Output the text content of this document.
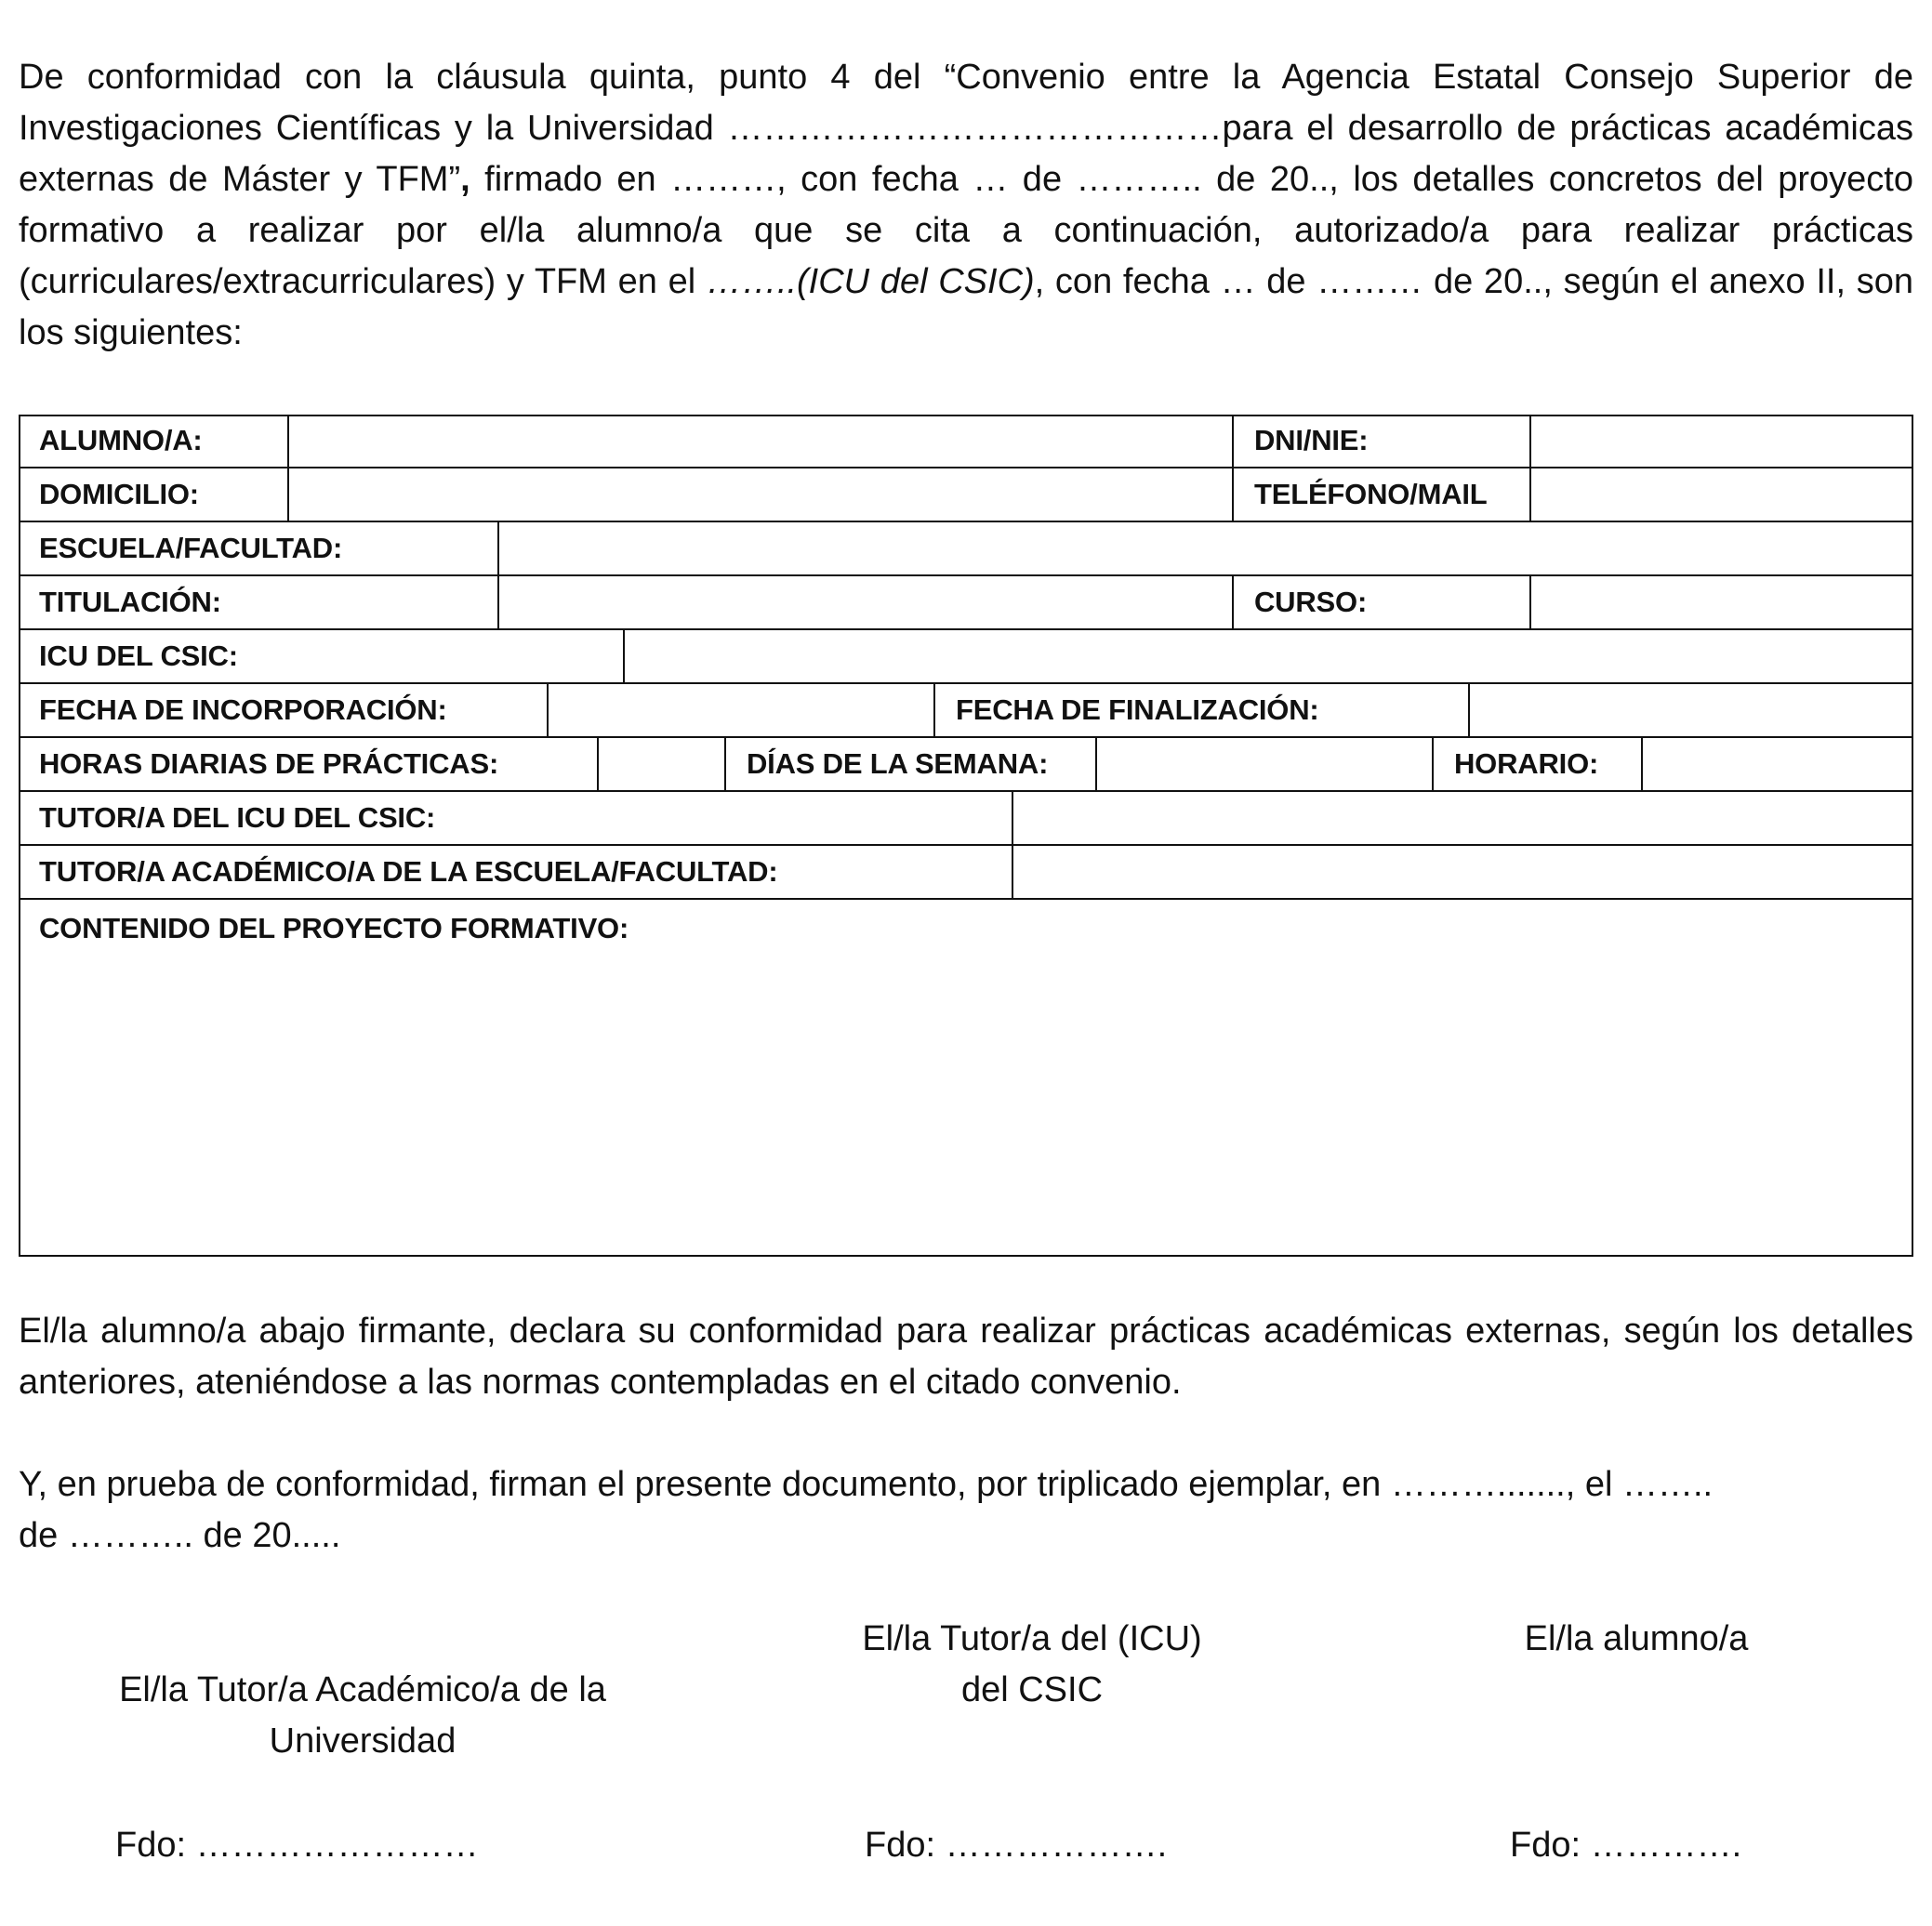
De conformidad con la cláusula quinta, punto 4 del “Convenio entre la Agencia Estatal Consejo Superior de Investigaciones Científicas y la Universidad ……………………………………para el desarrollo de prácticas académicas externas de Máster y TFM”, firmado en ………, con fecha … de ……….. de 20.., los detalles concretos del proyecto formativo a realizar por el/la alumno/a que se cita a continuación, autorizado/a para realizar prácticas (curriculares/extracurriculares) y TFM en el ……..(ICU del CSIC), con fecha … de ……… de 20.., según el anexo II, son los siguientes:

ALUMNO/A:	DNI/NIE:
DOMICILIO:	TELÉFONO/MAIL
ESCUELA/FACULTAD:
TITULACIÓN:	CURSO:
ICU DEL CSIC:
FECHA DE INCORPORACIÓN:	FECHA DE FINALIZACIÓN:
HORAS DIARIAS DE PRÁCTICAS:	DÍAS DE LA SEMANA:	HORARIO:
TUTOR/A DEL ICU DEL CSIC:
TUTOR/A ACADÉMICO/A DE LA ESCUELA/FACULTAD:
CONTENIDO DEL PROYECTO FORMATIVO:

El/la alumno/a abajo firmante, declara su conformidad para realizar prácticas académicas externas, según los detalles anteriores, ateniéndose a las normas contempladas en el citado convenio.

Y, en prueba de conformidad, firman el presente documento, por triplicado ejemplar, en ………......., el ……..
de ……….. de 20.....

El/la Tutor/a Académico/a de la
Universidad
El/la Tutor/a del (ICU)
del CSIC
El/la alumno/a
Fdo: ……………………	Fdo: ……………….	Fdo: ………….
